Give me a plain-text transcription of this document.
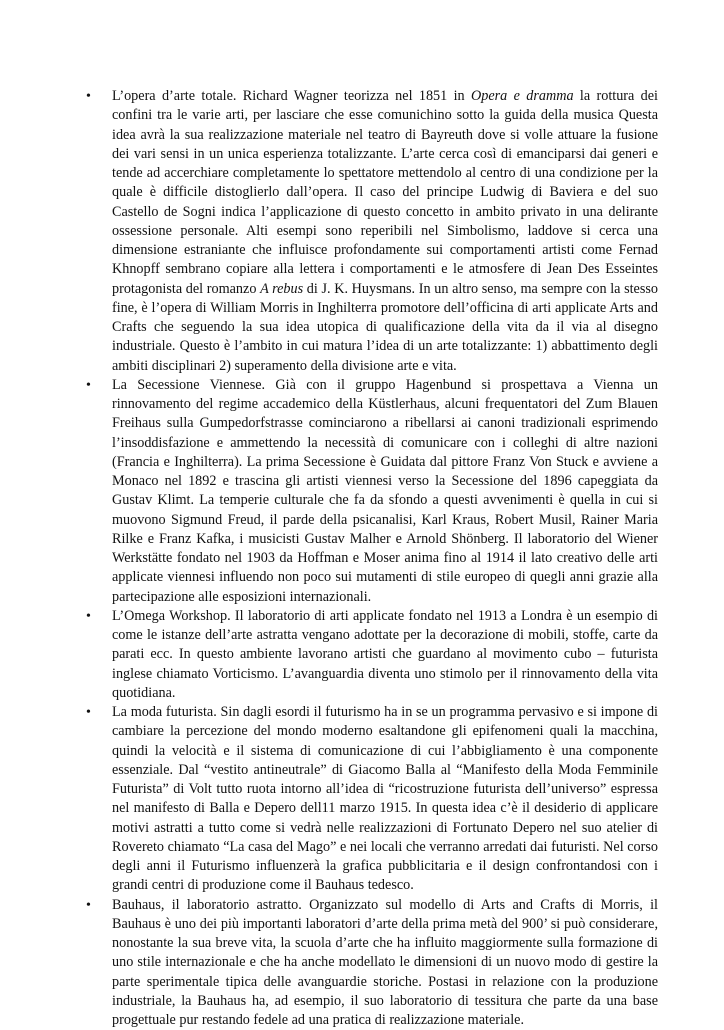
•	L’opera d’arte totale. Richard Wagner teorizza nel 1851 in Opera e dramma la rottura dei confini tra le varie arti, per lasciare che esse comunichino sotto la guida della musica Questa idea avrà la sua realizzazione materiale nel teatro di Bayreuth dove si volle attuare la fusione dei vari sensi in un unica esperienza totalizzante. L’arte cerca così di emanciparsi dai generi e tende ad accerchiare completamente lo spettatore mettendolo al centro di una condizione per la quale è difficile distoglierlo dall’opera. Il caso del principe Ludwig di Baviera e del suo Castello de Sogni indica l’applicazione di questo concetto in ambito privato in una delirante ossessione personale. Alti esempi sono reperibili nel Simbolismo, laddove si cerca una dimensione estraniante che influisce profondamente sui comportamenti artisti come Fernad Khnopff sembrano copiare alla lettera i comportamenti e le atmosfere di Jean Des Esseintes protagonista del romanzo A rebus di J. K. Huysmans. In un altro senso, ma sempre con la stesso fine, è l’opera di William Morris in Inghilterra promotore dell’officina di arti applicate Arts and Crafts che seguendo la sua idea utopica di qualificazione della vita da il via al disegno industriale. Questo è l’ambito in cui matura l’idea di un arte totalizzante: 1) abbattimento degli ambiti disciplinari 2) superamento della divisione arte e vita.
•	La Secessione Viennese. Già con il gruppo Hagenbund si prospettava a Vienna un rinnovamento del regime accademico della Küstlerhaus, alcuni frequentatori del Zum Blauen Freihaus sulla Gumpedorfstrasse cominciarono a ribellarsi ai canoni tradizionali esprimendo l’insoddisfazione e ammettendo la necessità di comunicare con i colleghi di altre nazioni (Francia e Inghilterra). La prima Secessione è Guidata dal pittore Franz Von Stuck e avviene a Monaco nel 1892 e trascina gli artisti viennesi verso la Secessione del 1896 capeggiata da Gustav Klimt. La temperie culturale che fa da sfondo a questi avvenimenti è quella in cui si muovono Sigmund Freud, il parde della psicanalisi, Karl Kraus, Robert Musil, Rainer Maria Rilke e Franz Kafka, i musicisti Gustav Malher e Arnold Shönberg. Il laboratorio del Wiener Werkstätte fondato nel 1903 da Hoffman e Moser anima fino al 1914 il lato creativo delle arti applicate viennesi influendo non poco sui mutamenti di stile europeo di quegli anni grazie alla partecipazione alle esposizioni internazionali.
•	L’Omega Workshop. Il laboratorio di arti applicate fondato nel 1913 a Londra è un esempio di come le istanze dell’arte astratta vengano adottate per la decorazione di mobili, stoffe, carte da parati ecc. In questo ambiente lavorano artisti che guardano al movimento cubo – futurista inglese chiamato Vorticismo. L’avanguardia diventa uno stimolo per il rinnovamento della vita quotidiana.
•	La moda futurista. Sin dagli esordi il futurismo ha in se un programma pervasivo e si impone di cambiare la percezione del mondo moderno esaltandone gli epifenomeni quali la macchina, quindi la velocità e il sistema di comunicazione di cui l’abbigliamento è una componente essenziale. Dal “vestito antineutrale” di Giacomo Balla al “Manifesto della Moda Femminile Futurista” di Volt tutto ruota intorno all’idea di “ricostruzione futurista dell’universo” espressa nel manifesto di Balla e Depero dell11 marzo 1915. In questa idea c’è il desiderio di applicare motivi astratti a tutto come si vedrà nelle realizzazioni di Fortunato Depero nel suo atelier di Rovereto chiamato “La casa del Mago” e nei locali che verranno arredati dai futuristi. Nel corso degli anni il Futurismo influenzerà la grafica pubblicitaria e il design confrontandosi con i grandi centri di produzione come il Bauhaus tedesco.
•	Bauhaus, il laboratorio astratto. Organizzato sul modello di Arts and Crafts di Morris, il Bauhaus è uno dei più importanti laboratori d’arte della prima metà del 900’ si può considerare, nonostante la sua breve vita, la scuola d’arte che ha influito maggiormente sulla formazione di uno stile internazionale e che ha anche modellato le dimensioni di un nuovo modo di gestire la parte sperimentale tipica delle avanguardie storiche. Postasi in relazione con la produzione industriale, la Bauhaus ha, ad esempio, il suo laboratorio di tessitura che parte da una base progettuale pur restando fedele ad una pratica di realizzazione materiale.
